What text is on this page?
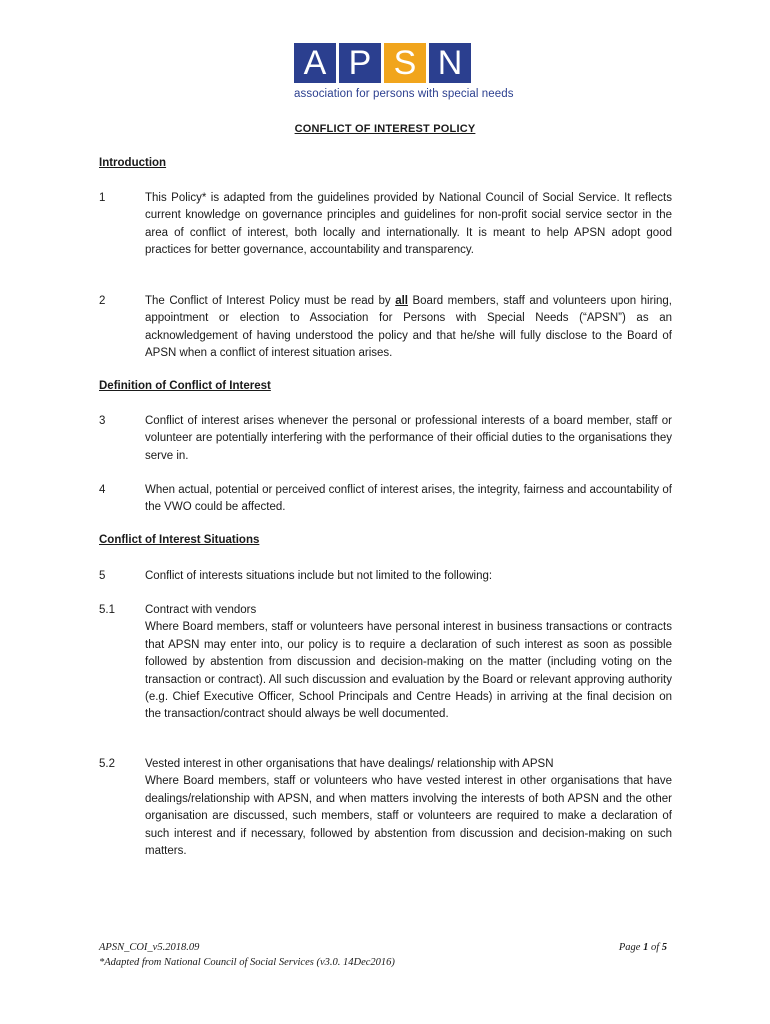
A P S N
association for persons with special needs
CONFLICT OF INTEREST POLICY
Introduction
1	This Policy* is adapted from the guidelines provided by National Council of Social Service. It reflects current knowledge on governance principles and guidelines for non-profit social service sector in the area of conflict of interest, both locally and internationally. It is meant to help APSN adopt good practices for better governance, accountability and transparency.
2	The Conflict of Interest Policy must be read by all Board members, staff and volunteers upon hiring, appointment or election to Association for Persons with Special Needs (“APSN”) as an acknowledgement of having understood the policy and that he/she will fully disclose to the Board of APSN when a conflict of interest situation arises.
Definition of Conflict of Interest
3	Conflict of interest arises whenever the personal or professional interests of a board member, staff or volunteer are potentially interfering with the performance of their official duties to the organisations they serve in.
4	When actual, potential or perceived conflict of interest arises, the integrity, fairness and accountability of the VWO could be affected.
Conflict of Interest Situations
5	Conflict of interests situations include but not limited to the following:
5.1	Contract with vendors
Where Board members, staff or volunteers have personal interest in business transactions or contracts that APSN may enter into, our policy is to require a declaration of such interest as soon as possible followed by abstention from discussion and decision-making on the matter (including voting on the transaction or contract). All such discussion and evaluation by the Board or relevant approving authority (e.g. Chief Executive Officer, School Principals and Centre Heads) in arriving at the final decision on the transaction/contract should always be well documented.
5.2	Vested interest in other organisations that have dealings/ relationship with APSN
Where Board members, staff or volunteers who have vested interest in other organisations that have dealings/relationship with APSN, and when matters involving the interests of both APSN and the other organisation are discussed, such members, staff or volunteers are required to make a declaration of such interest and if necessary, followed by abstention from discussion and decision-making on such matters.
APSN_COI_v5.2018.09	Page 1 of 5
*Adapted from National Council of Social Services (v3.0. 14Dec2016)
